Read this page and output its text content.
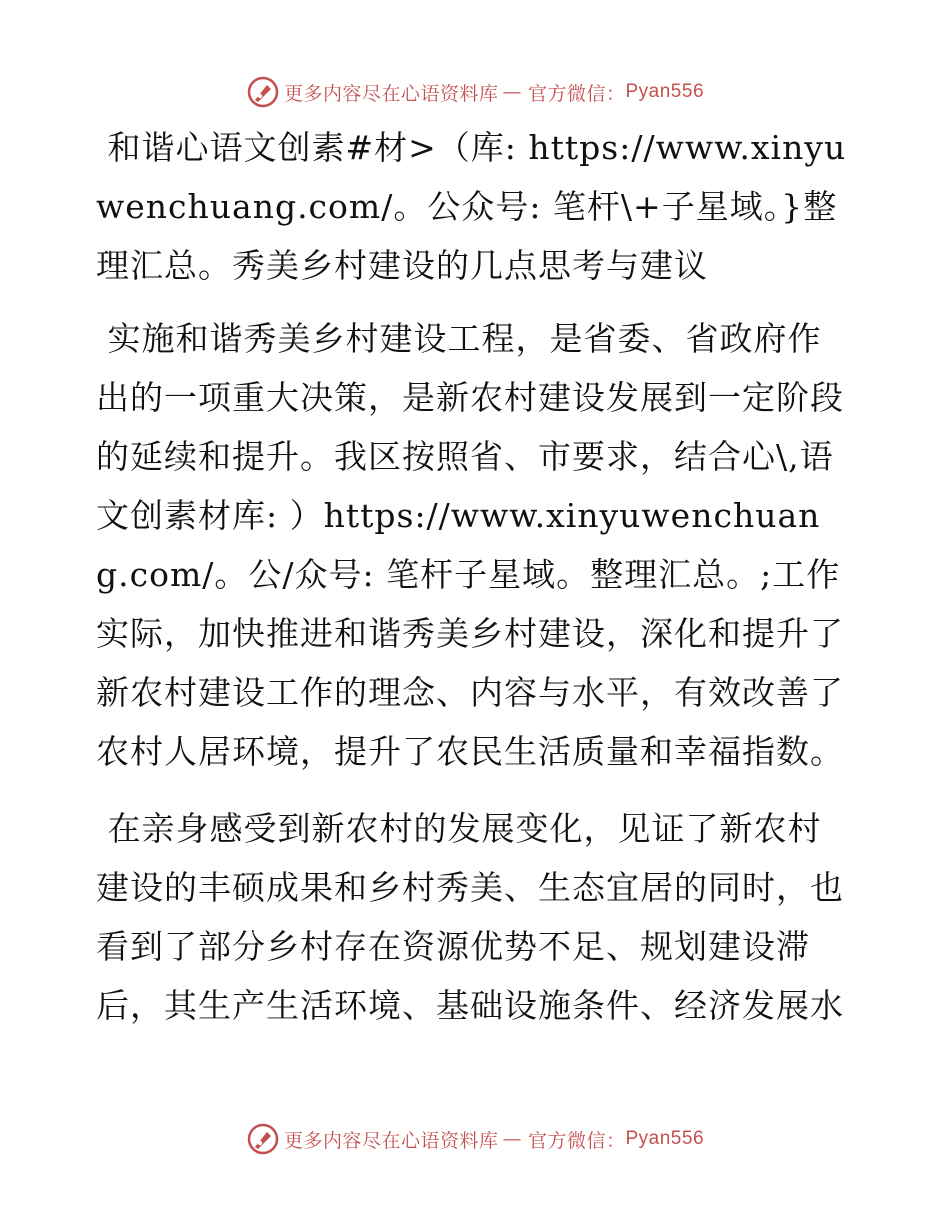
更多内容尽在心语资料库 — 官方微信： Pyan556

和谐心语文创素#材>（库: https://www.xinyuwenchuang.com/。公众号: 笔杆\+子星域。}整理汇总。秀美乡村建设的几点思考与建议

实施和谐秀美乡村建设工程，是省委、省政府作出的一项重大决策，是新农村建设发展到一定阶段的延续和提升。我区按照省、市要求，结合心\,语文创素材库: ）https://www.xinyuwenchuang.com/。公/众号: 笔杆子星域。整理汇总。;工作实际，加快推进和谐秀美乡村建设，深化和提升了新农村建设工作的理念、内容与水平，有效改善了农村人居环境，提升了农民生活质量和幸福指数。

在亲身感受到新农村的发展变化，见证了新农村建设的丰硕成果和乡村秀美、生态宜居的同时，也看到了部分乡村存在资源优势不足、规划建设滞后，其生产生活环境、基础设施条件、经济发展水

更多内容尽在心语资料库 — 官方微信： Pyan556
